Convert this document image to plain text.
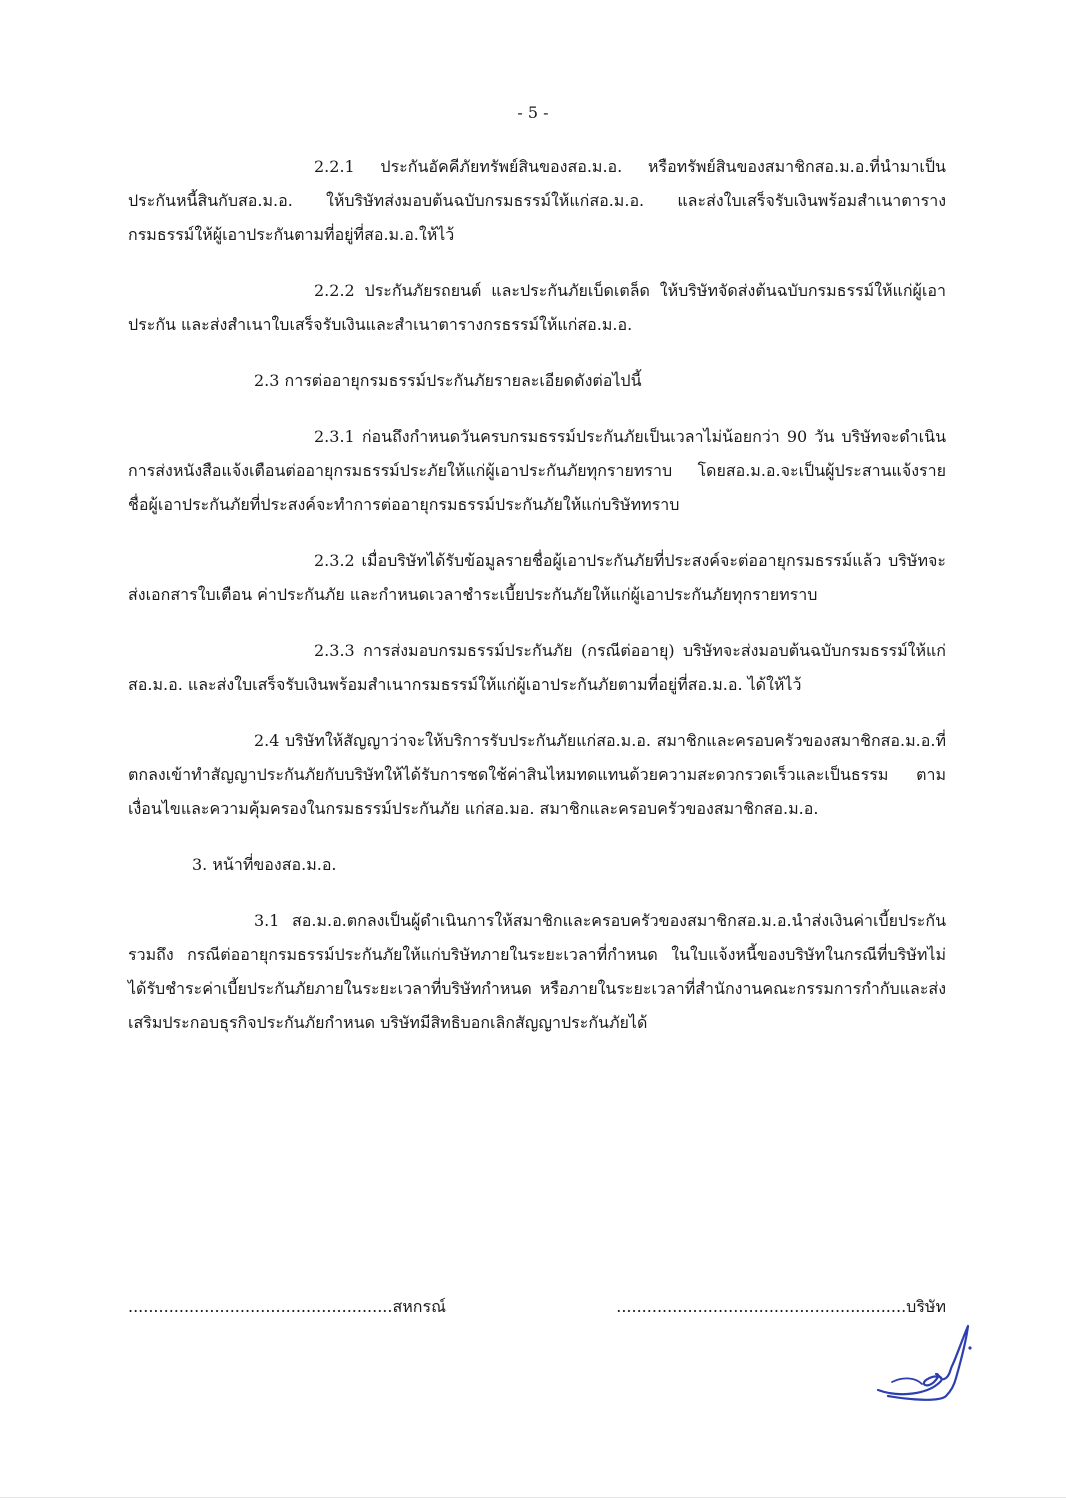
- 5 -

2.2.1 ประกันอัคคีภัยทรัพย์สินของสอ.ม.อ. หรือทรัพย์สินของสมาชิกสอ.ม.อ.ที่นำมาเป็นประกันหนี้สินกับสอ.ม.อ. ให้บริษัทส่งมอบต้นฉบับกรมธรรม์ให้แก่สอ.ม.อ. และส่งใบเสร็จรับเงินพร้อมสำเนาตารางกรมธรรม์ให้ผู้เอาประกันตามที่อยู่ที่สอ.ม.อ.ให้ไว้

2.2.2 ประกันภัยรถยนต์ และประกันภัยเบ็ดเตล็ด ให้บริษัทจัดส่งต้นฉบับกรมธรรม์ให้แก่ผู้เอาประกัน และส่งสำเนาใบเสร็จรับเงินและสำเนาตารางกรธรรม์ให้แก่สอ.ม.อ.

2.3 การต่ออายุกรมธรรม์ประกันภัยรายละเอียดดังต่อไปนี้

2.3.1 ก่อนถึงกำหนดวันครบกรมธรรม์ประกันภัยเป็นเวลาไม่น้อยกว่า 90 วัน บริษัทจะดำเนินการส่งหนังสือแจ้งเตือนต่ออายุกรมธรรม์ประภัยให้แก่ผู้เอาประกันภัยทุกรายทราบ โดยสอ.ม.อ.จะเป็นผู้ประสานแจ้งรายชื่อผู้เอาประกันภัยที่ประสงค์จะทำการต่ออายุกรมธรรม์ประกันภัยให้แก่บริษัททราบ

2.3.2 เมื่อบริษัทได้รับข้อมูลรายชื่อผู้เอาประกันภัยที่ประสงค์จะต่ออายุกรมธรรม์แล้ว บริษัทจะส่งเอกสารใบเตือน ค่าประกันภัย และกำหนดเวลาชำระเบี้ยประกันภัยให้แก่ผู้เอาประกันภัยทุกรายทราบ

2.3.3 การส่งมอบกรมธรรม์ประกันภัย (กรณีต่ออายุ) บริษัทจะส่งมอบต้นฉบับกรมธรรม์ให้แก่สอ.ม.อ. และส่งใบเสร็จรับเงินพร้อมสำเนากรมธรรม์ให้แก่ผู้เอาประกันภัยตามที่อยู่ที่สอ.ม.อ. ได้ให้ไว้

2.4 บริษัทให้สัญญาว่าจะให้บริการรับประกันภัยแก่สอ.ม.อ. สมาชิกและครอบครัวของสมาชิกสอ.ม.อ.ที่ตกลงเข้าทำสัญญาประกันภัยกับบริษัทให้ได้รับการชดใช้ค่าสินไหมทดแทนด้วยความสะดวกรวดเร็วและเป็นธรรม ตามเงื่อนไขและความคุ้มครองในกรมธรรม์ประกันภัย แก่สอ.มอ. สมาชิกและครอบครัวของสมาชิกสอ.ม.อ.

3. หน้าที่ของสอ.ม.อ.

3.1 สอ.ม.อ.ตกลงเป็นผู้ดำเนินการให้สมาชิกและครอบครัวของสมาชิกสอ.ม.อ.นำส่งเงินค่าเบี้ยประกันรวมถึง กรณีต่ออายุกรมธรรม์ประกันภัยให้แก่บริษัทภายในระยะเวลาที่กำหนด ในใบแจ้งหนี้ของบริษัทในกรณีที่บริษัทไม่ได้รับชำระค่าเบี้ยประกันภัยภายในระยะเวลาที่บริษัทกำหนด หรือภายในระยะเวลาที่สำนักงานคณะกรรมการกำกับและส่งเสริมประกอบธุรกิจประกันภัยกำหนด บริษัทมีสิทธิบอกเลิกสัญญาประกันภัยได้

....................................................สหกรณ์	.........................................................บริษัท
